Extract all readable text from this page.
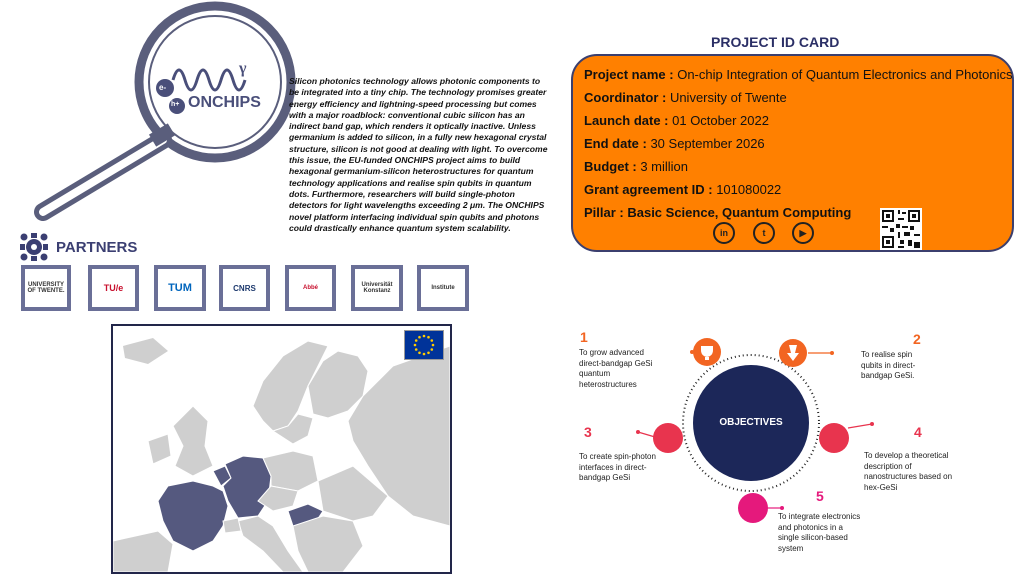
e-
h+
γ
ONCHIPS
Silicon photonics technology allows photonic components to be integrated into a tiny chip. The technology promises greater energy efficiency and lightning-speed processing but comes with a major roadblock: conventional cubic silicon has an indirect band gap, which renders it optically inactive. Unless germanium is added to silicon, in a fully new hexagonal crystal structure, silicon is not good at dealing with light. To overcome this issue, the EU-funded ONCHIPS project aims to build hexagonal germanium-silicon heterostructures for quantum technology applications and realise spin qubits in quantum dots. Furthermore, researchers will build single-photon detectors for light wavelengths exceeding 2 μm. The ONCHIPS novel platform interfacing individual spin qubits and photons could drastically enhance quantum system scalability.
PARTNERS
UNIVERSITY OF TWENTE.	TU/e	TUM	CNRS	Abbé	Universität Konstanz	Institute
PROJECT ID CARD
Project name : On-chip Integration of Quantum Electronics and Photonics
Coordinator : University of Twente
Launch date : 01 October 2022
End date : 30 September 2026
Budget : 3 million
Grant agreement ID : 101080022
Pillar : Basic Science, Quantum Computing
in	t	▶
OBJECTIVES
1
To grow advanced direct-bandgap GeSi quantum heterostructures
2
To realise spin qubits in direct-bandgap GeSi.
3
To create spin-photon interfaces in direct-bandgap GeSi
4
To develop a theoretical description of nanostructures based on hex-GeSi
5
To integrate electronics and photonics in a single silicon-based system
